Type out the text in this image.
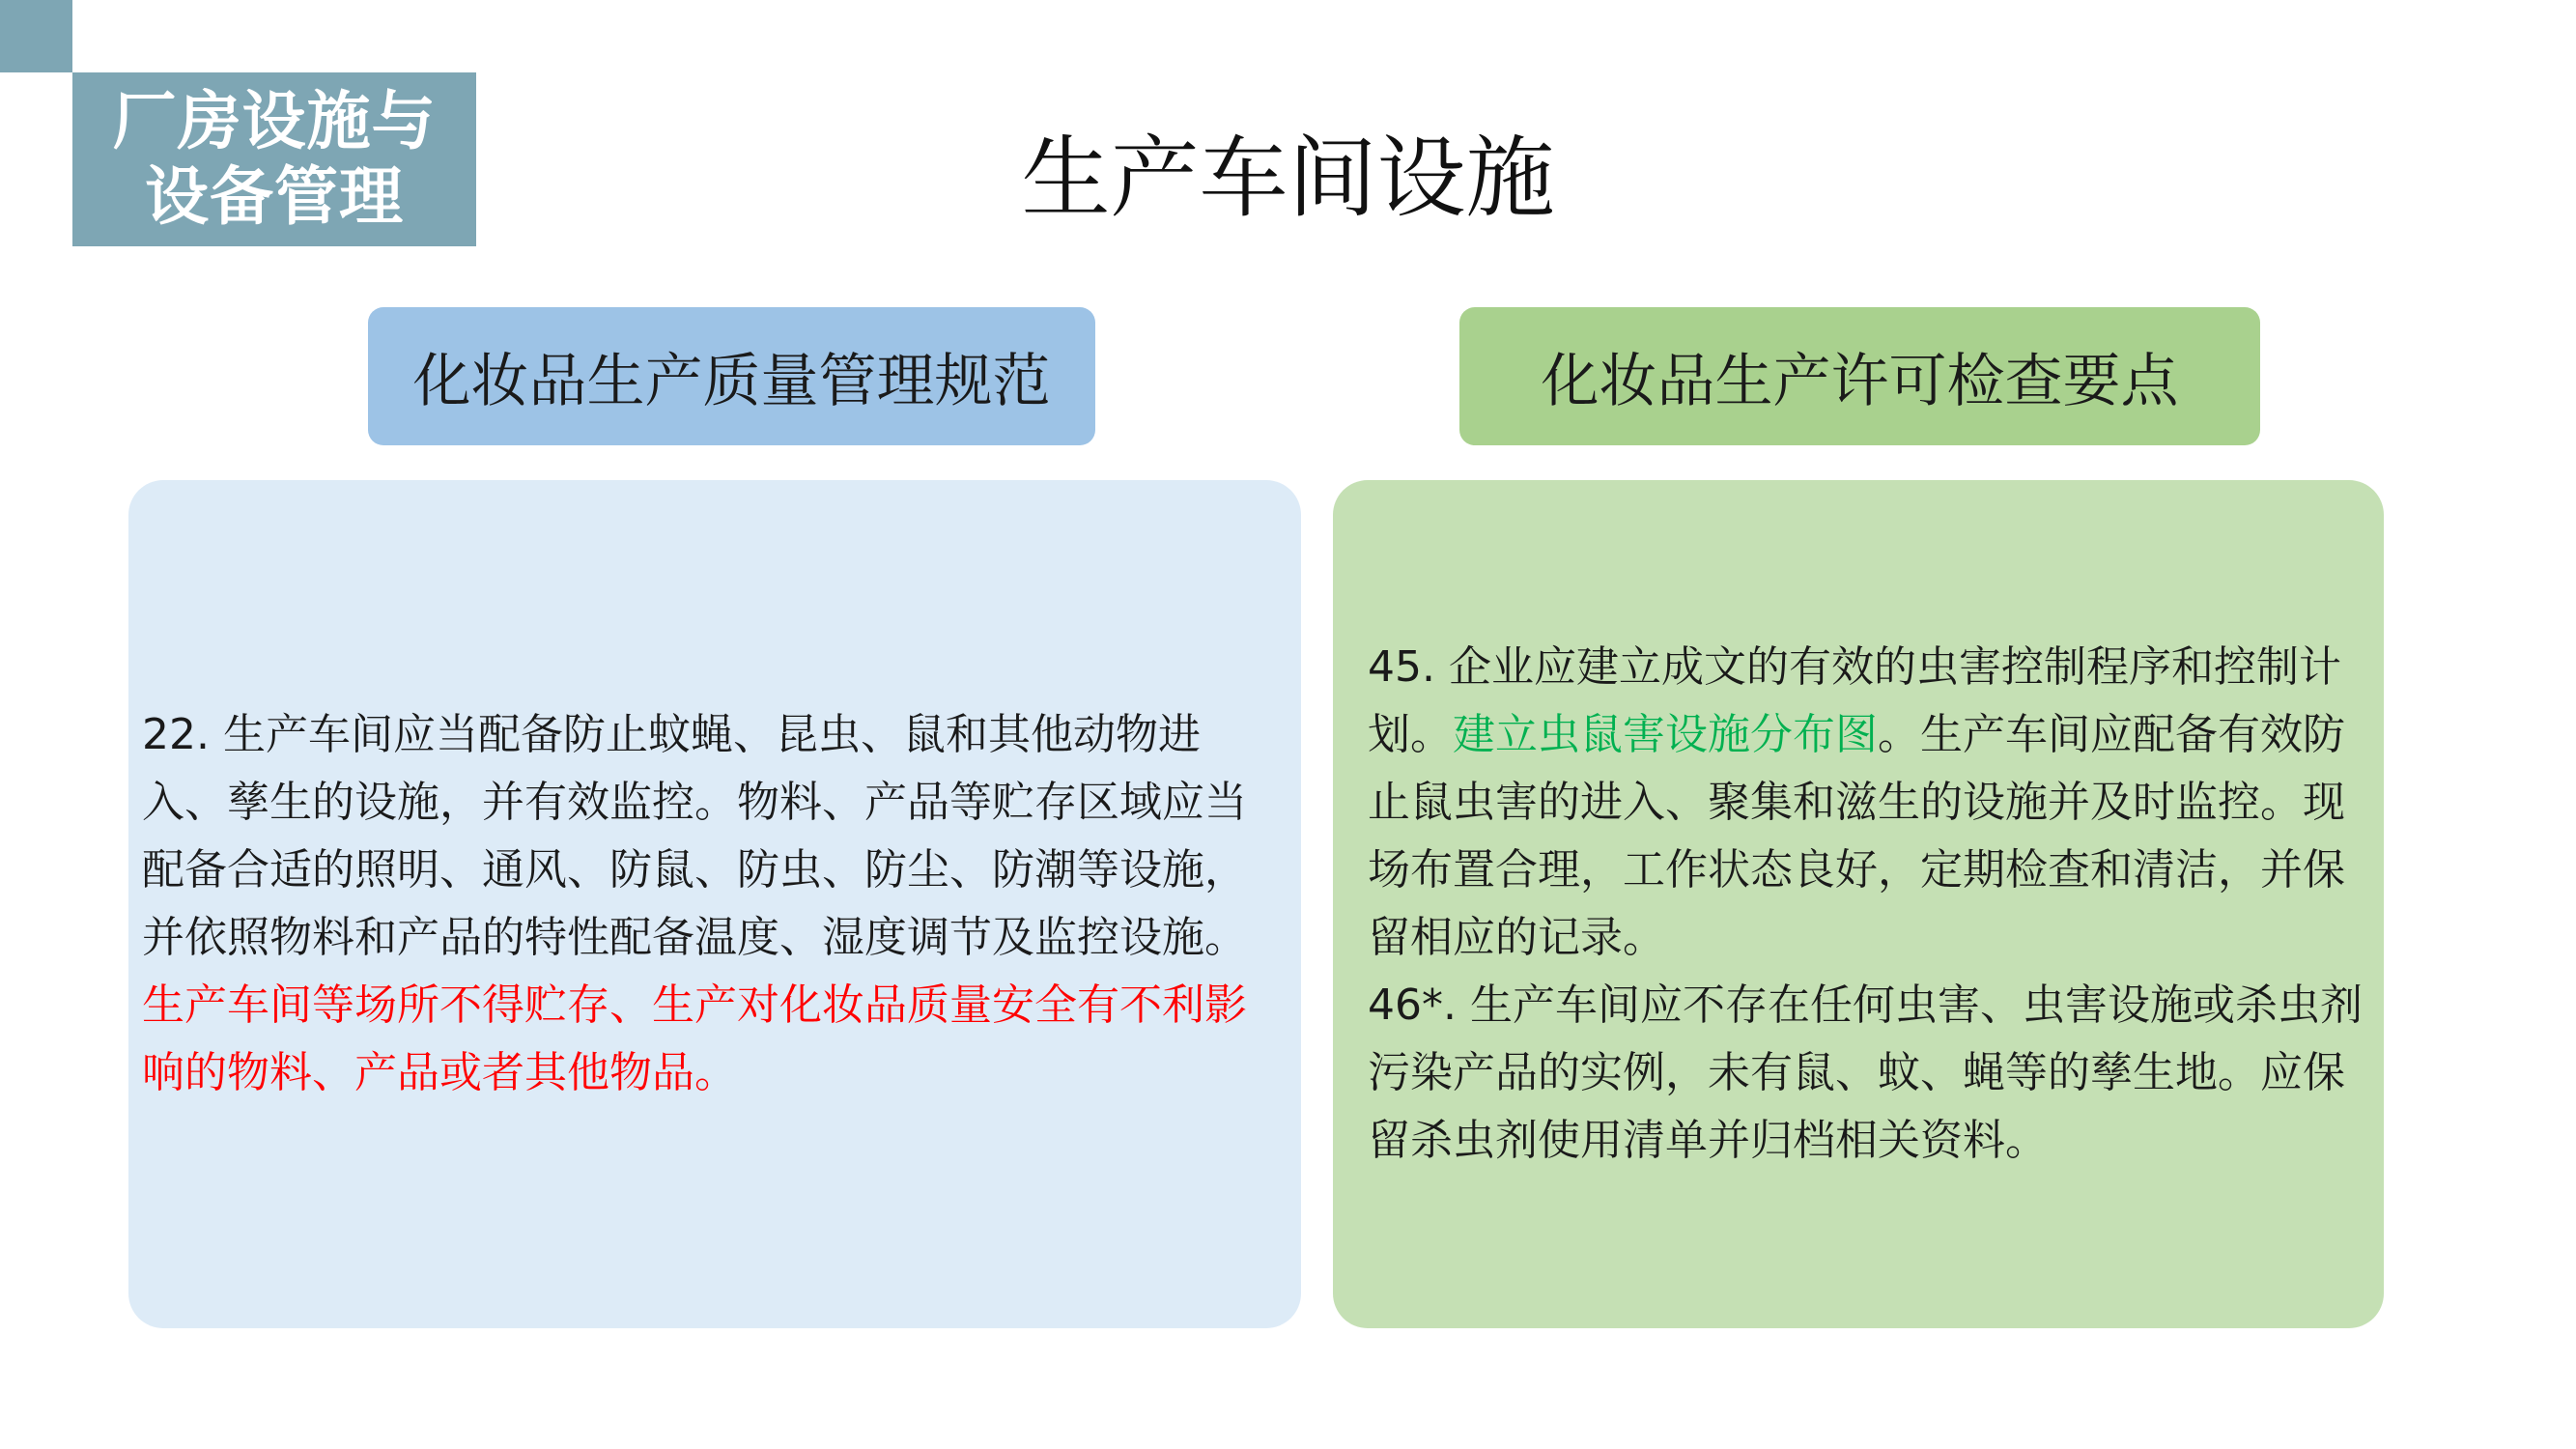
厂房设施与
设备管理	生产车间设施
化妆品生产质量管理规范	化妆品生产许可检查要点

22. 生产车间应当配备防止蚊蝇、昆虫、鼠和其他动物进入、孳生的设施，并有效监控。物料、产品等贮存区域应当配备合适的照明、通风、防鼠、防虫、防尘、防潮等设施，并依照物料和产品的特性配备温度、湿度调节及监控设施。生产车间等场所不得贮存、生产对化妆品质量安全有不利影响的物料、产品或者其他物品。

45. 企业应建立成文的有效的虫害控制程序和控制计划。建立虫鼠害设施分布图。生产车间应配备有效防止鼠虫害的进入、聚集和滋生的设施并及时监控。现场布置合理，工作状态良好，定期检查和清洁，并保留相应的记录。

46*. 生产车间应不存在任何虫害、虫害设施或杀虫剂污染产品的实例，未有鼠、蚊、蝇等的孳生地。应保留杀虫剂使用清单并归档相关资料。
